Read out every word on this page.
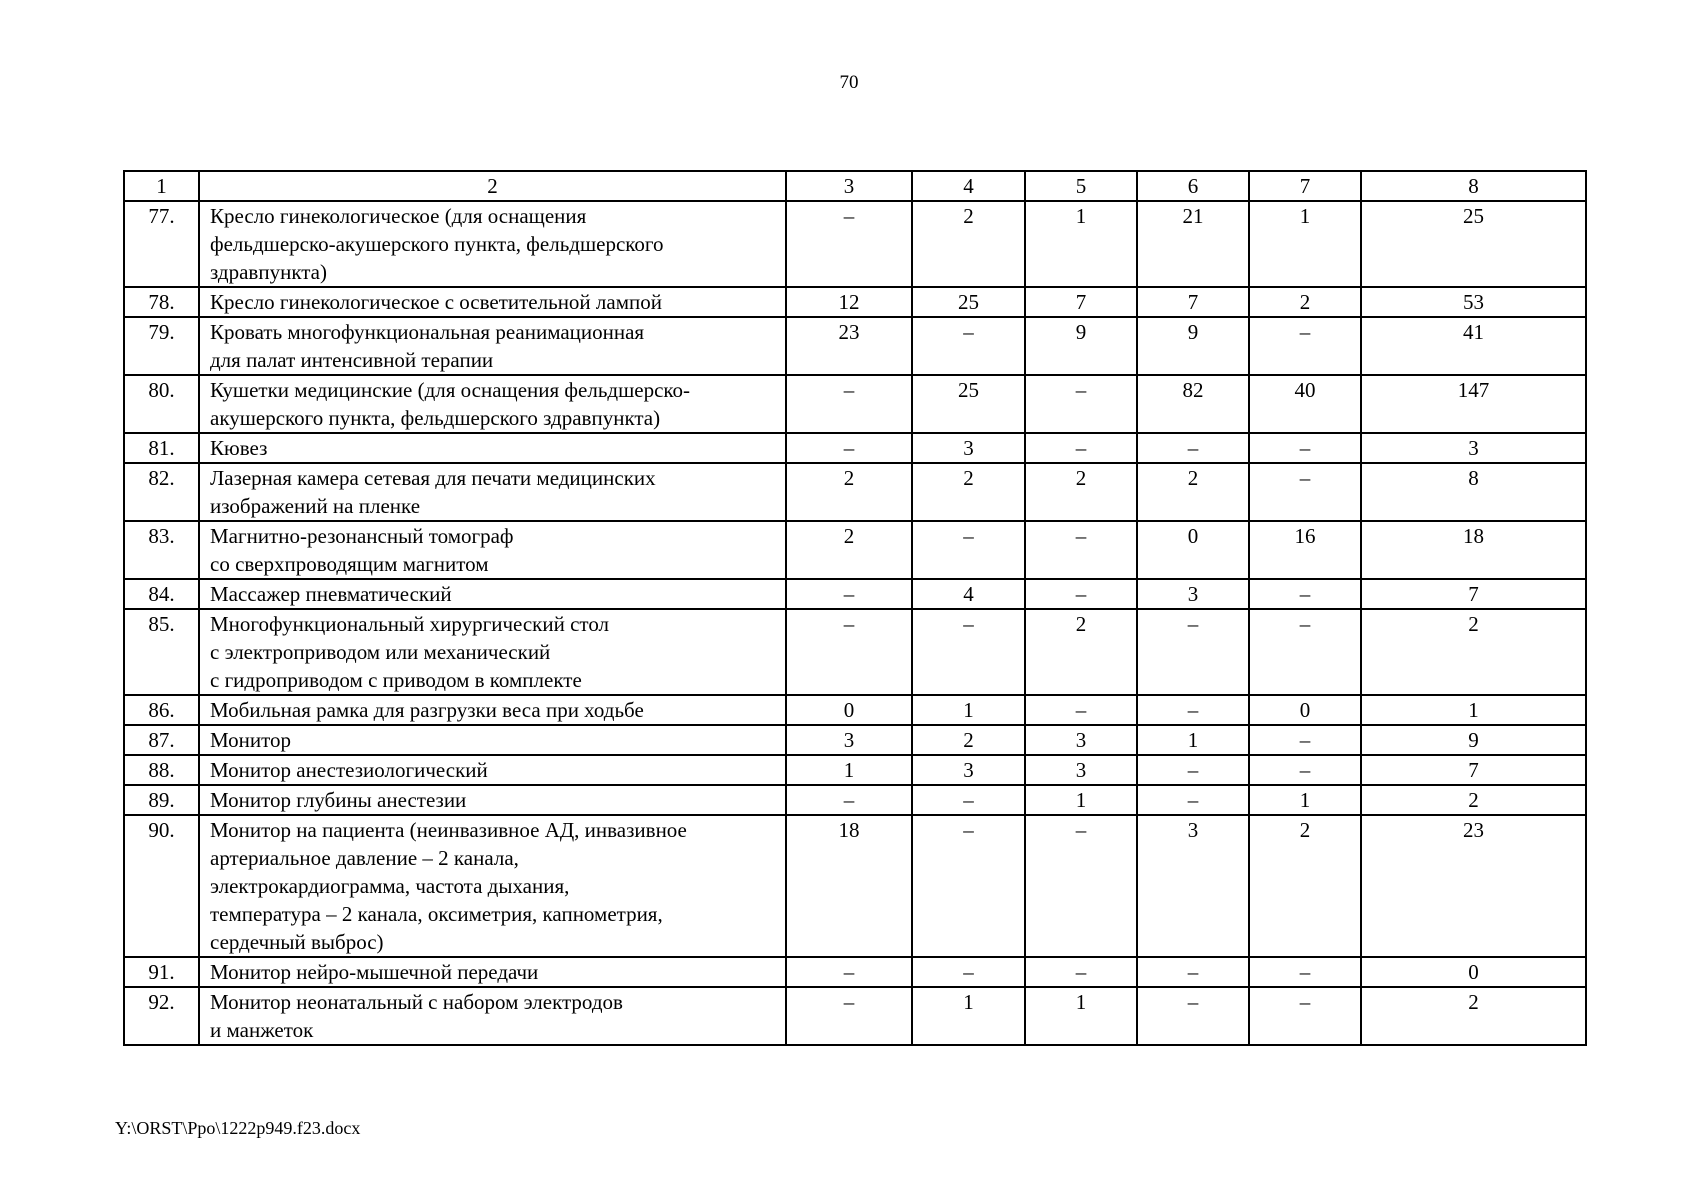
70
1	2	3	4	5	6	7	8
77.	Кресло гинекологическое (для оснащения
фельдшерско-акушерского пункта, фельдшерского
здравпункта)	–	2	1	21	1	25
78.	Кресло гинекологическое с осветительной лампой	12	25	7	7	2	53
79.	Кровать многофункциональная реанимационная
для палат интенсивной терапии	23	–	9	9	–	41
80.	Кушетки медицинские (для оснащения фельдшерско-
акушерского пункта, фельдшерского здравпункта)	–	25	–	82	40	147
81.	Кювез	–	3	–	–	–	3
82.	Лазерная камера сетевая для печати медицинских
изображений на пленке	2	2	2	2	–	8
83.	Магнитно-резонансный томограф
со сверхпроводящим магнитом	2	–	–	0	16	18
84.	Массажер пневматический	–	4	–	3	–	7
85.	Многофункциональный хирургический стол
с электроприводом или механический
с гидроприводом с приводом в комплекте	–	–	2	–	–	2
86.	Мобильная рамка для разгрузки веса при ходьбе	0	1	–	–	0	1
87.	Монитор	3	2	3	1	–	9
88.	Монитор анестезиологический	1	3	3	–	–	7
89.	Монитор глубины анестезии	–	–	1	–	1	2
90.	Монитор на пациента (неинвазивное АД, инвазивное
артериальное давление – 2 канала,
электрокардиограмма, частота дыхания,
температура – 2 канала, оксиметрия, капнометрия,
сердечный выброс)	18	–	–	3	2	23
91.	Монитор нейро-мышечной передачи	–	–	–	–	–	0
92.	Монитор неонатальный с набором электродов
и манжеток	–	1	1	–	–	2
Y:\ORST\Ppo\1222p949.f23.docx
